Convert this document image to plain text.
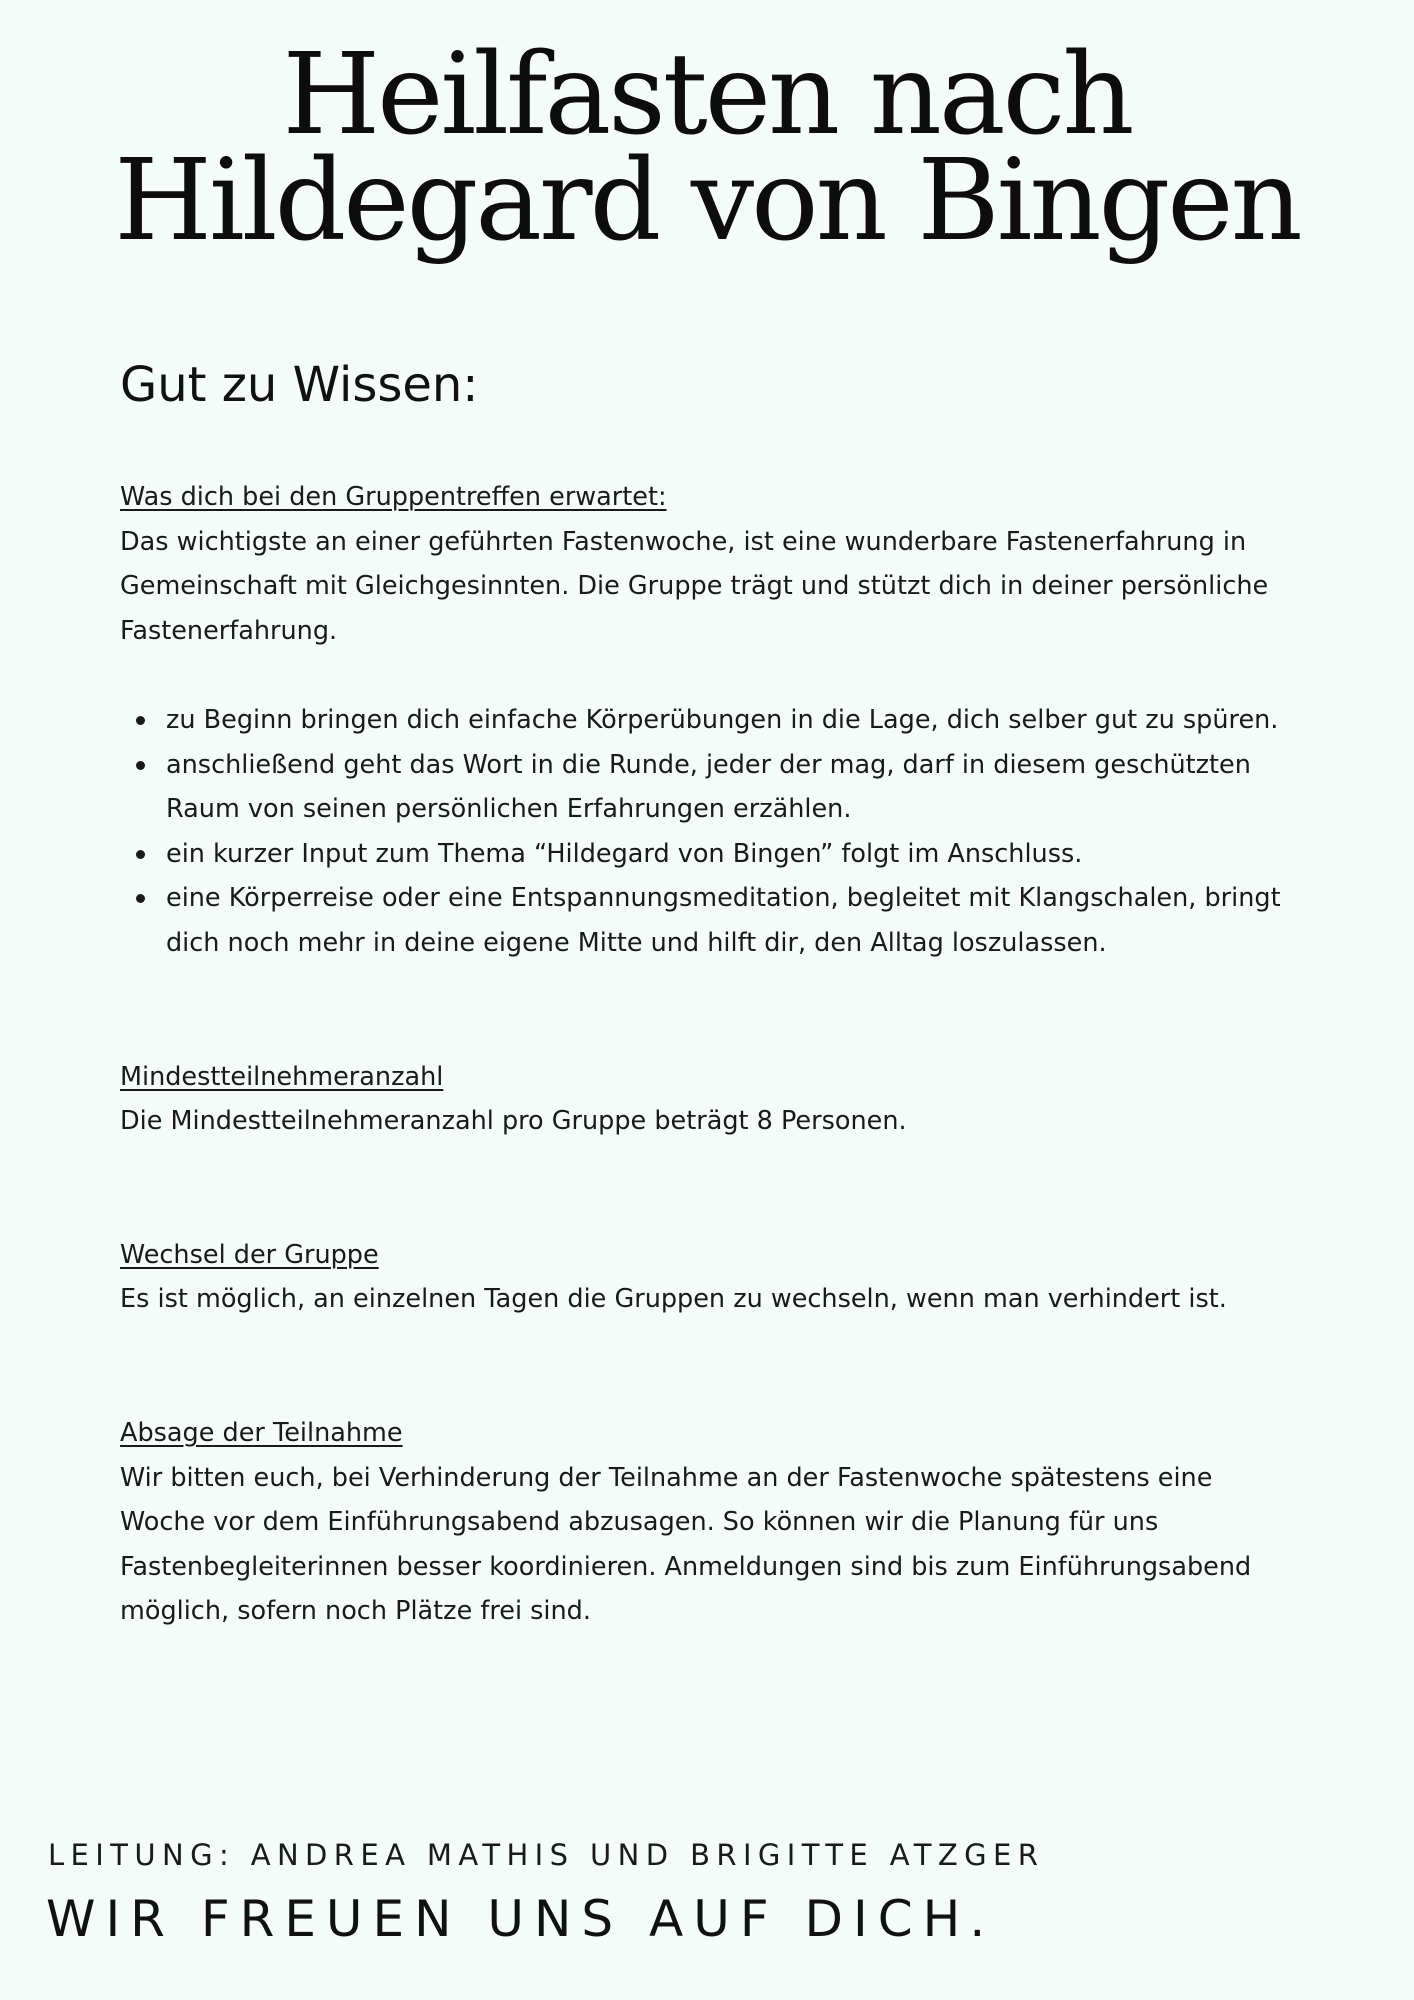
Heilfasten nach
Hildegard von Bingen
Gut zu Wissen:

Was dich bei den Gruppentreffen erwartet:

Das wichtigste an einer geführten Fastenwoche, ist eine wunderbare Fastenerfahrung in Gemeinschaft mit Gleichgesinnten. Die Gruppe trägt und stützt dich in deiner persönliche Fastenerfahrung.

zu Beginn bringen dich einfache Körperübungen in die Lage, dich selber gut zu spüren.
anschließend geht das Wort in die Runde, jeder der mag, darf in diesem geschützten Raum von seinen persönlichen Erfahrungen erzählen.
ein kurzer Input zum Thema “Hildegard von Bingen” folgt im Anschluss.
eine Körperreise oder eine Entspannungsmeditation, begleitet mit Klangschalen, bringt dich noch mehr in deine eigene Mitte und hilft dir, den Alltag loszulassen.

Mindestteilnehmeranzahl

Die Mindestteilnehmeranzahl pro Gruppe beträgt 8 Personen.

Wechsel der Gruppe

Es ist möglich, an einzelnen Tagen die Gruppen zu wechseln, wenn man verhindert ist.

Absage der Teilnahme

Wir bitten euch, bei Verhinderung der Teilnahme an der Fastenwoche spätestens eine Woche vor dem Einführungsabend abzusagen. So können wir die Planung für uns Fastenbegleiterinnen besser koordinieren. Anmeldungen sind bis zum Einführungsabend möglich, sofern noch Plätze frei sind.

LEITUNG: ANDREA MATHIS UND BRIGITTE ATZGER

WIR FREUEN UNS AUF DICH.
